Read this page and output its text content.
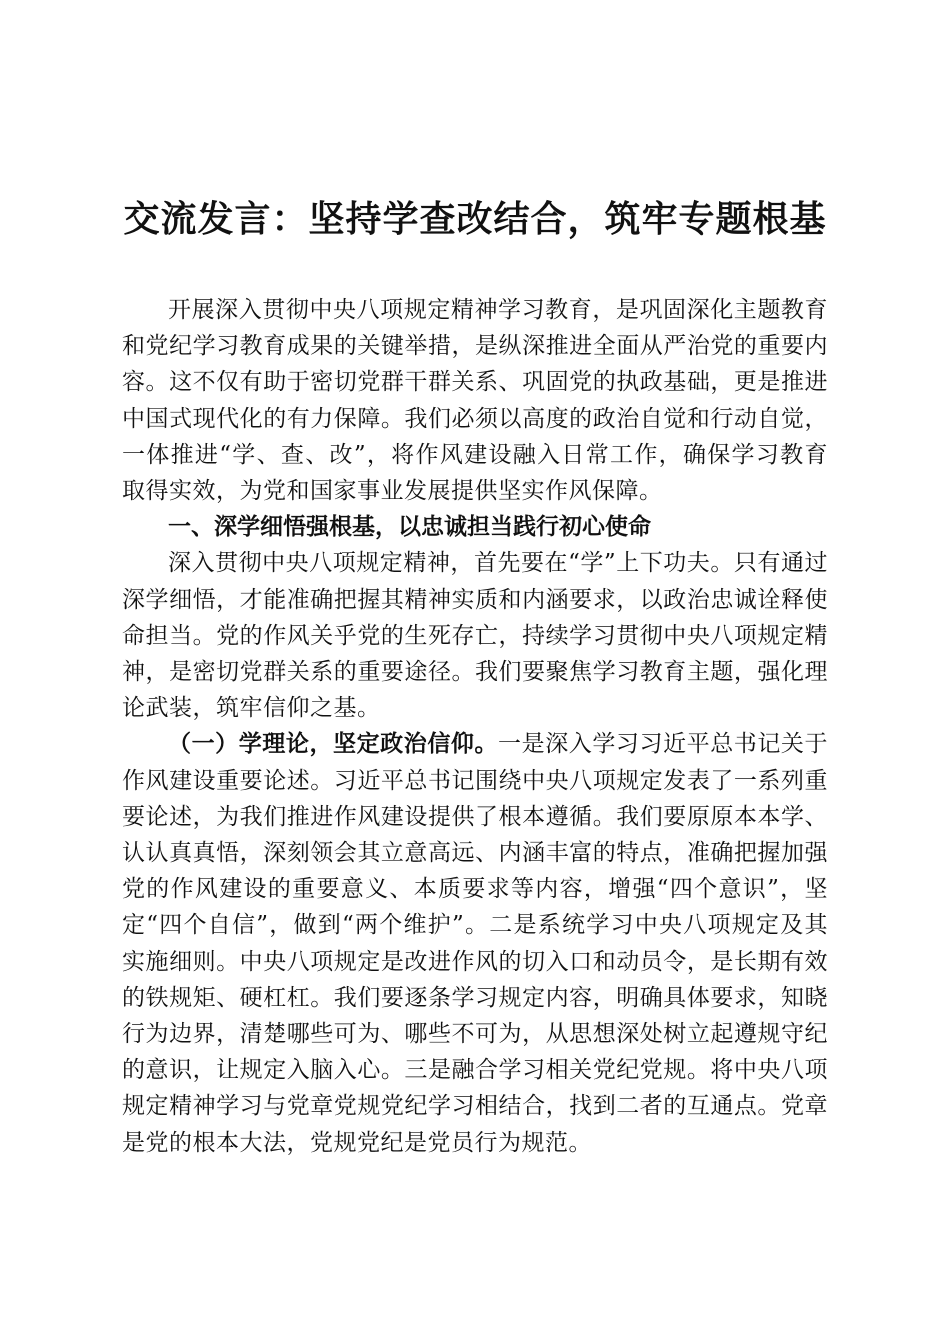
交流发言：坚持学查改结合，筑牢专题根基

开展深入贯彻中央八项规定精神学习教育，是巩固深化主题教育和党纪学习教育成果的关键举措，是纵深推进全面从严治党的重要内容。这不仅有助于密切党群干群关系、巩固党的执政基础，更是推进中国式现代化的有力保障。我们必须以高度的政治自觉和行动自觉，一体推进“学、查、改”，将作风建设融入日常工作，确保学习教育取得实效，为党和国家事业发展提供坚实作风保障。

一、深学细悟强根基，以忠诚担当践行初心使命

深入贯彻中央八项规定精神，首先要在“学”上下功夫。只有通过深学细悟，才能准确把握其精神实质和内涵要求，以政治忠诚诠释使命担当。党的作风关乎党的生死存亡，持续学习贯彻中央八项规定精神，是密切党群关系的重要途径。我们要聚焦学习教育主题，强化理论武装，筑牢信仰之基。

（一）学理论，坚定政治信仰。一是深入学习习近平总书记关于作风建设重要论述。习近平总书记围绕中央八项规定发表了一系列重要论述，为我们推进作风建设提供了根本遵循。我们要原原本本学、认认真真悟，深刻领会其立意高远、内涵丰富的特点，准确把握加强党的作风建设的重要意义、本质要求等内容，增强“四个意识”，坚定“四个自信”，做到“两个维护”。二是系统学习中央八项规定及其实施细则。中央八项规定是改进作风的切入口和动员令，是长期有效的铁规矩、硬杠杠。我们要逐条学习规定内容，明确具体要求，知晓行为边界，清楚哪些可为、哪些不可为，从思想深处树立起遵规守纪的意识，让规定入脑入心。三是融合学习相关党纪党规。将中央八项规定精神学习与党章党规党纪学习相结合，找到二者的互通点。党章是党的根本大法，党规党纪是党员行为规范。
